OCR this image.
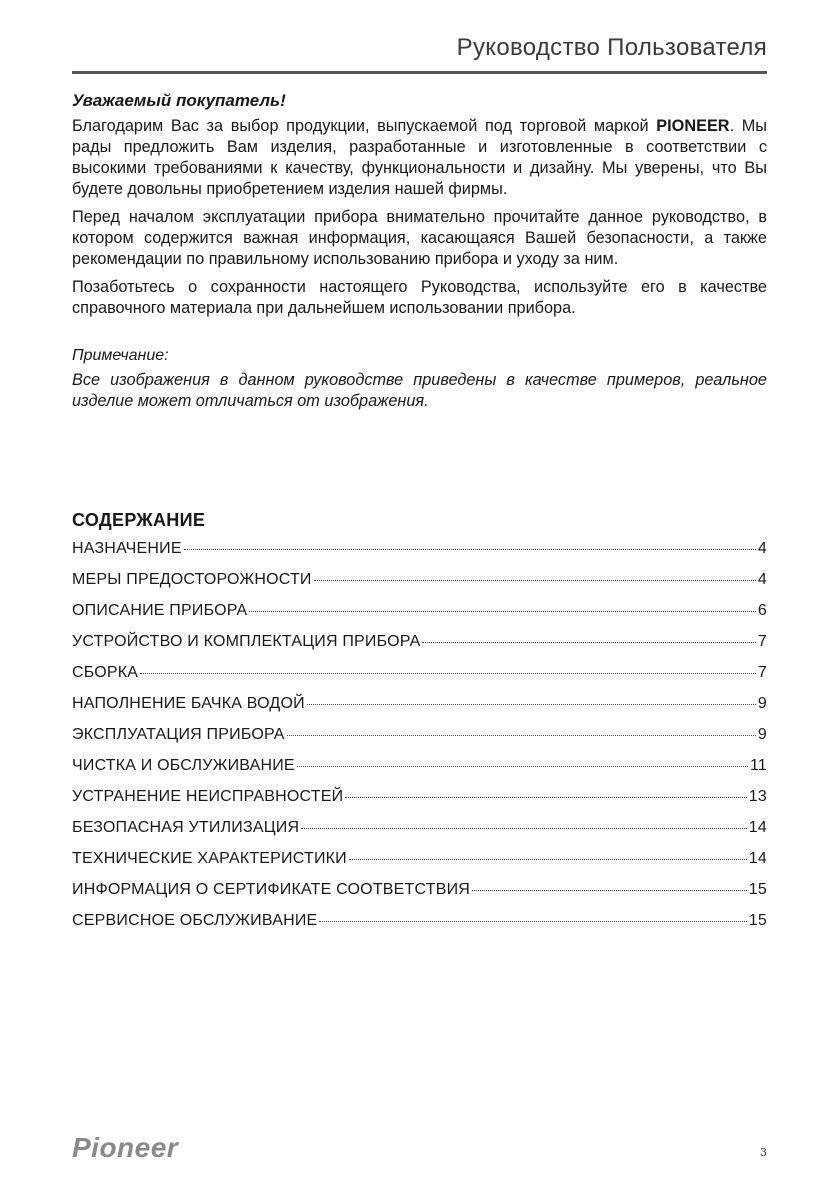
Руководство Пользователя

Уважаемый покупатель!

Благодарим Вас за выбор продукции, выпускаемой под торговой маркой PIONEER. Мы рады предложить Вам изделия, разработанные и изготовленные в соответствии с высокими требованиями к качеству, функциональности и дизайну. Мы уверены, что Вы будете довольны приобретением изделия нашей фирмы.

Перед началом эксплуатации прибора внимательно прочитайте данное руководство, в котором содержится важная информация, касающаяся Вашей безопасности, а также рекомендации по правильному использованию прибора и уходу за ним.

Позаботьтесь о сохранности настоящего Руководства, используйте его в качестве справочного материала при дальнейшем использовании прибора.

Примечание:

Все изображения в данном руководстве приведены в качестве примеров, реальное изделие может отличаться от изображения.

СОДЕРЖАНИЕ
НАЗНАЧЕНИЕ	4
МЕРЫ ПРЕДОСТОРОЖНОСТИ	4
ОПИСАНИЕ ПРИБОРА	6
УСТРОЙСТВО И КОМПЛЕКТАЦИЯ ПРИБОРА	7
СБОРКА	7
НАПОЛНЕНИЕ БАЧКА ВОДОЙ	9
ЭКСПЛУАТАЦИЯ ПРИБОРА	9
ЧИСТКА И ОБСЛУЖИВАНИЕ	11
УСТРАНЕНИЕ НЕИСПРАВНОСТЕЙ	13
БЕЗОПАСНАЯ УТИЛИЗАЦИЯ	14
ТЕХНИЧЕСКИЕ ХАРАКТЕРИСТИКИ	14
ИНФОРМАЦИЯ О СЕРТИФИКАТЕ СООТВЕТСТВИЯ	15
СЕРВИСНОЕ ОБСЛУЖИВАНИЕ	15
Pioneer	3
